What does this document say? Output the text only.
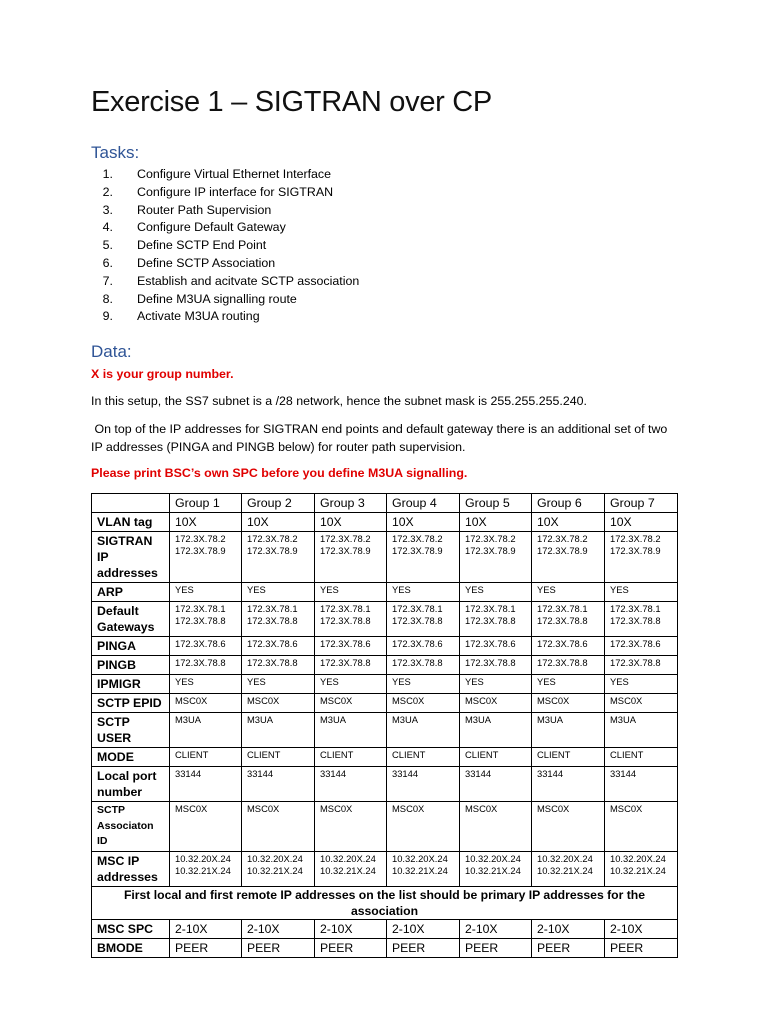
Exercise 1 – SIGTRAN over CP
Tasks:
1. Configure Virtual Ethernet Interface
2. Configure IP interface for SIGTRAN
3. Router Path Supervision
4. Configure Default Gateway
5. Define SCTP End Point
6. Define SCTP Association
7. Establish and acitvate SCTP association
8. Define M3UA signalling route
9. Activate M3UA routing
Data:

X is your group number.

In this setup, the SS7 subnet is a /28 network, hence the subnet mask is 255.255.255.240.

On top of the IP addresses for SIGTRAN end points and default gateway there is an additional set of two IP addresses (PINGA and PINGB below) for router path supervision.

Please print BSC’s own SPC before you define M3UA signalling.

	Group 1	Group 2	Group 3	Group 4	Group 5	Group 6	Group 7

VLAN tag	10X	10X	10X	10X	10X	10X	10X

SIGTRAN
IP
addresses	172.3X.78.2
172.3X.78.9	172.3X.78.2
172.3X.78.9	172.3X.78.2
172.3X.78.9	172.3X.78.2
172.3X.78.9	172.3X.78.2
172.3X.78.9	172.3X.78.2
172.3X.78.9	172.3X.78.2
172.3X.78.9

ARP	YES	YES	YES	YES	YES	YES	YES

Default
Gateways	172.3X.78.1
172.3X.78.8	172.3X.78.1
172.3X.78.8	172.3X.78.1
172.3X.78.8	172.3X.78.1
172.3X.78.8	172.3X.78.1
172.3X.78.8	172.3X.78.1
172.3X.78.8	172.3X.78.1
172.3X.78.8

PINGA	172.3X.78.6	172.3X.78.6	172.3X.78.6	172.3X.78.6	172.3X.78.6	172.3X.78.6	172.3X.78.6

PINGB	172.3X.78.8	172.3X.78.8	172.3X.78.8	172.3X.78.8	172.3X.78.8	172.3X.78.8	172.3X.78.8

IPMIGR	YES	YES	YES	YES	YES	YES	YES

SCTP EPID	MSC0X	MSC0X	MSC0X	MSC0X	MSC0X	MSC0X	MSC0X

SCTP
USER	M3UA	M3UA	M3UA	M3UA	M3UA	M3UA	M3UA

MODE	CLIENT	CLIENT	CLIENT	CLIENT	CLIENT	CLIENT	CLIENT

Local port
number	33144	33144	33144	33144	33144	33144	33144

SCTP
Associaton
ID	MSC0X	MSC0X	MSC0X	MSC0X	MSC0X	MSC0X	MSC0X

MSC IP
addresses	10.32.20X.24
10.32.21X.24	10.32.20X.24
10.32.21X.24	10.32.20X.24
10.32.21X.24	10.32.20X.24
10.32.21X.24	10.32.20X.24
10.32.21X.24	10.32.20X.24
10.32.21X.24	10.32.20X.24
10.32.21X.24

First local and first remote IP addresses on the list should be primary IP addresses for the association							

MSC SPC	2-10X	2-10X	2-10X	2-10X	2-10X	2-10X	2-10X

BMODE	PEER	PEER	PEER	PEER	PEER	PEER	PEER
